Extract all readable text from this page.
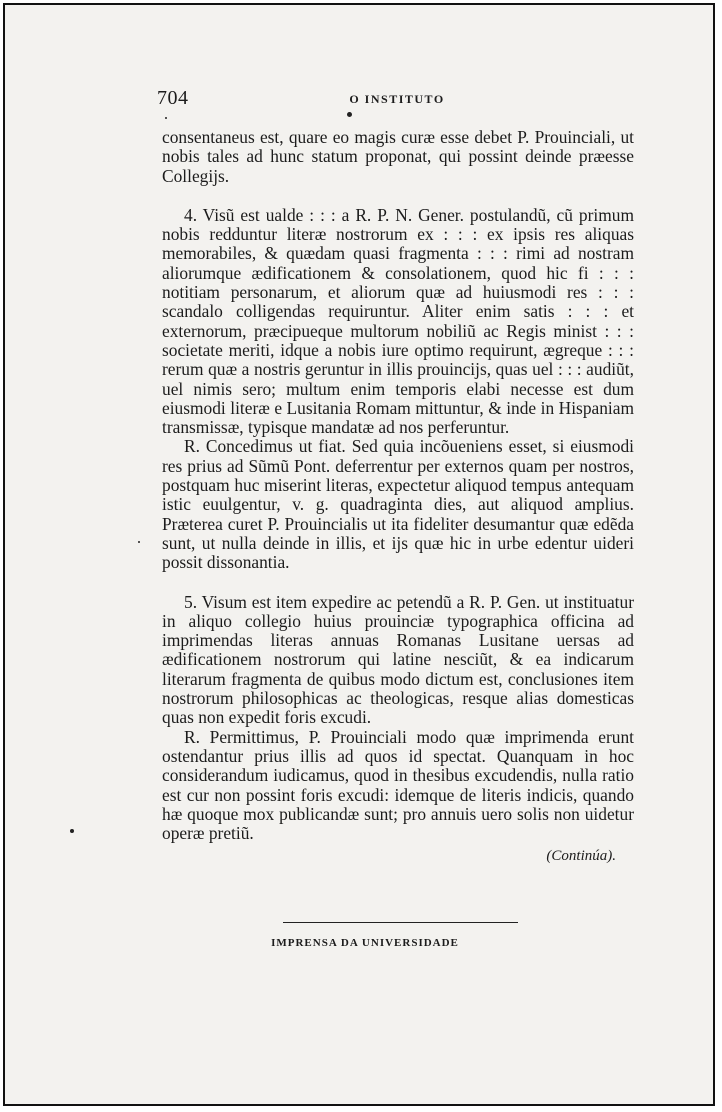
704	O INSTITUTO

consentaneus est, quare eo magis curæ esse debet P. Prouinciali, ut nobis tales ad hunc statum proponat, qui possint deinde præesse Collegijs.

4. Visũ est ualde : : : a R. P. N. Gener. postulandũ, cũ primum nobis redduntur literæ nostrorum ex : : : ex ipsis res aliquas memorabiles, & quædam quasi fragmenta : : : rimi ad nostram aliorumque ædificationem & consolationem, quod hic fi : : : notitiam personarum, et aliorum quæ ad huiusmodi res : : : scandalo colligendas requiruntur. Aliter enim satis : : : et externorum, præcipueque multorum nobiliũ ac Regis minist : : : societate meriti, idque a nobis iure optimo requirunt, ægreque : : : rerum quæ a nostris geruntur in illis prouincijs, quas uel : : : audiũt, uel nimis sero; multum enim temporis elabi necesse est dum eiusmodi literæ e Lusitania Romam mittuntur, & inde in Hispaniam transmissæ, typisque mandatæ ad nos perferuntur.

R. Concedimus ut fiat. Sed quia incõueniens esset, si eiusmodi res prius ad Sũmũ Pont. deferrentur per externos quam per nostros, postquam huc miserint literas, expectetur aliquod tempus antequam istic euulgentur, v. g. quadraginta dies, aut aliquod amplius. Præterea curet P. Prouincialis ut ita fideliter desumantur quæ edẽda sunt, ut nulla deinde in illis, et ijs quæ hic in urbe edentur uideri possit dissonantia.

5. Visum est item expedire ac petendũ a R. P. Gen. ut instituatur in aliquo collegio huius prouinciæ typographica officina ad imprimendas literas annuas Romanas Lusitane uersas ad ædificationem nostrorum qui latine nesciũt, & ea indicarum literarum fragmenta de quibus modo dictum est, conclusiones item nostrorum philosophicas ac theologicas, resque alias domesticas quas non expedit foris excudi.

R. Permittimus, P. Prouinciali modo quæ imprimenda erunt ostendantur prius illis ad quos id spectat. Quanquam in hoc considerandum iudicamus, quod in thesibus excudendis, nulla ratio est cur non possint foris excudi: idemque de literis indicis, quando hæ quoque mox publicandæ sunt; pro annuis uero solis non uidetur operæ pretiũ.

(Continúa).
IMPRENSA DA UNIVERSIDADE
